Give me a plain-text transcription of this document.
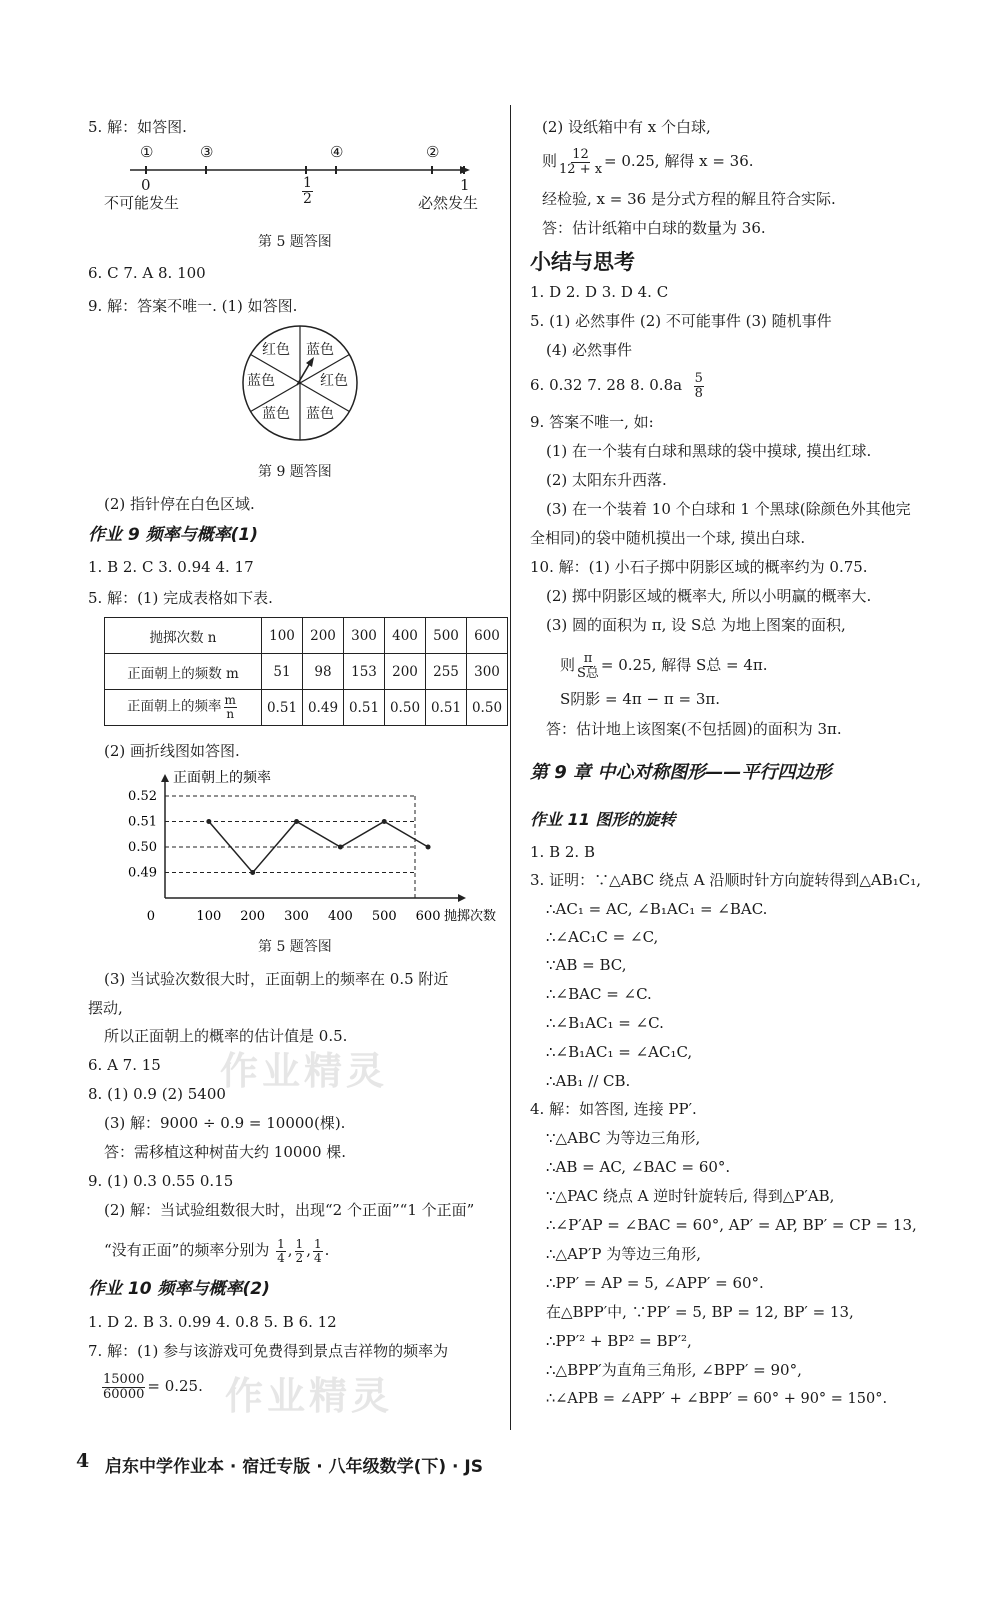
5. 解：如答图.
①	③	④	②
0	1
$\frac{1}{2}$
不可能发生	必然发生
第 5 题答图
6. C 7. A 8. 100
9. 解：答案不唯一. (1) 如答图.
红色 蓝色
红色
蓝色
蓝色 蓝色
第 9 题答图
(2) 指针停在白色区域.
作业 9 频率与概率(1)
1. B 2. C 3. 0.94 4. 17
5. 解：(1) 完成表格如下表.
抛掷次数 n	100	200	300	400	500	600
正面朝上的频数 m	51	98	153	200	255	300
正面朝上的频率 $\frac{m}{n}$	0.51	0.49	0.51	0.50	0.51	0.50
(2) 画折线图如答图.
0.49
0.50
0.51
0.52
100 200 300 400 500 600
0
正面朝上的频率
抛掷次数
第 5 题答图
(3) 当试验次数很大时，正面朝上的频率在 0.5 附近
摆动,
所以正面朝上的概率的估计值是 0.5.
6. A 7. 15
8. (1) 0.9 (2) 5400
(3) 解：9000 ÷ 0.9 = 10000(棵).
答：需移植这种树苗大约 10000 棵.
9. (1) 0.3 0.55 0.15
(2) 解：当试验组数很大时，出现“2 个正面”“1 个正面”
“没有正面”的频率分别为 $\frac{1}{4}$ , $\frac{1}{2}$ , $\frac{1}{4}$ .
作业 10 频率与概率(2)
1. D 2. B 3. 0.99 4. 0.8 5. B 6. 12
7. 解：(1) 参与该游戏可免费得到景点吉祥物的频率为
$\frac{15000}{60000} = 0.25$.
作业精灵
作业精灵
(2) 设纸箱中有 x 个白球,
则 $\frac{12}{12 + x} = 0.25$, 解得 x = 36.
经检验, x = 36 是分式方程的解且符合实际.
答：估计纸箱中白球的数量为 36.
小结与思考
1. D 2. D 3. D 4. C
5. (1) 必然事件 (2) 不可能事件 (3) 随机事件
(4) 必然事件
6. 0.32 7. 28 8. $0.8a \frac{5}{8}$
9. 答案不唯一, 如:
(1) 在一个装有白球和黑球的袋中摸球, 摸出红球.
(2) 太阳东升西落.
(3) 在一个装着 10 个白球和 1 个黑球(除颜色外其他完
全相同)的袋中随机摸出一个球, 摸出白球.
10. 解：(1) 小石子掷中阴影区域的概率约为 0.75.
(2) 掷中阴影区域的概率大, 所以小明赢的概率大.
(3) 圆的面积为 π, 设 S总 为地上图案的面积,
则 $\frac{\pi}{\text{S总}} = 0.25$, 解得 S总 = 4π.
S阴影 = 4π − π = 3π.
答：估计地上该图案(不包括圆)的面积为 3π.
第 9 章 中心对称图形——平行四边形
作业 11 图形的旋转
1. B 2. B
3. 证明：∵△ABC 绕点 A 沿顺时针方向旋转得到△AB₁C₁,
∴AC₁ = AC, ∠B₁AC₁ = ∠BAC.
∴∠AC₁C = ∠C,
∵AB = BC,
∴∠BAC = ∠C.
∴∠B₁AC₁ = ∠C.
∴∠B₁AC₁ = ∠AC₁C,
∴AB₁ // CB.
4. 解：如答图, 连接 PP′.
∵△ABC 为等边三角形,
∴AB = AC, ∠BAC = 60°.
∵△PAC 绕点 A 逆时针旋转后, 得到△P′AB,
∴∠P′AP = ∠BAC = 60°, AP′ = AP, BP′ = CP = 13,
∴△AP′P 为等边三角形,
∴PP′ = AP = 5, ∠APP′ = 60°.
在△BPP′中, ∵PP′ = 5, BP = 12, BP′ = 13,
∴PP′² + BP² = BP′²,
∴△BPP′为直角三角形, ∠BPP′ = 90°,
∴∠APB = ∠APP′ + ∠BPP′ = 60° + 90° = 150°.
4 启东中学作业本 · 宿迁专版 · 八年级数学(下) · JS
